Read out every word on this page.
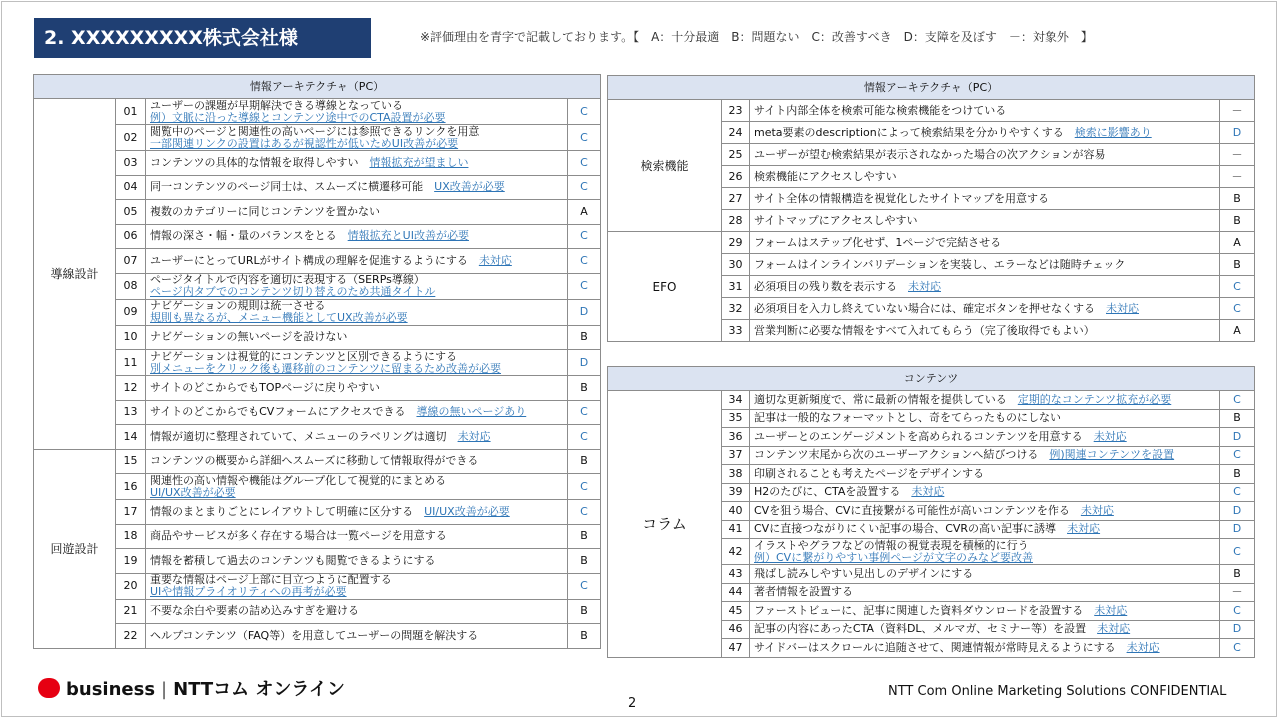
2. XXXXXXXXX株式会社様	※評価理由を青字で記載しております。【　A：十分最適　B：問題ない　C：改善すべき　D：支障を及ぼす　－：対象外　】
情報アーキテクチャ（PC）			
導線設計	01	ユーザーの課題が早期解決できる導線となっている
例）文脈に沿った導線とコンテンツ途中でのCTA設置が必要	C
	02	閲覧中のページと関連性の高いページには参照できるリンクを用意
一部関連リンクの設置はあるが視認性が低いためUI改善が必要	C
	03	コンテンツの具体的な情報を取得しやすい　 情報拡充が望ましい	C
	04	同一コンテンツのページ同士は、スムーズに横遷移可能　 UX改善が必要	C
	05	複数のカテゴリーに同じコンテンツを置かない	A
	06	情報の深さ・幅・量のバランスをとる　 情報拡充とUI改善が必要	C
	07	ユーザーにとってURLがサイト構成の理解を促進するようにする　 未対応	C
	08	ページタイトルで内容を適切に表現する（SERPs導線）
ページ内タブでのコンテンツ切り替えのため共通タイトル	C
	09	ナビゲーションの規則は統一させる
規則も異なるが、メニュー機能としてUX改善が必要	D
	10	ナビゲーションの無いページを設けない	B
	11	ナビゲーションは視覚的にコンテンツと区別できるようにする
別メニューをクリック後も遷移前のコンテンツに留まるため改善が必要	D
	12	サイトのどこからでもTOPページに戻りやすい	B
	13	サイトのどこからでもCVフォームにアクセスできる　 導線の無いページあり	C
	14	情報が適切に整理されていて、メニューのラベリングは適切　 未対応	C
回遊設計	15	コンテンツの概要から詳細へスムーズに移動して情報取得ができる	B
	16	関連性の高い情報や機能はグループ化して視覚的にまとめる
UI/UX改善が必要	C
	17	情報のまとまりごとにレイアウトして明確に区分する　 UI/UX改善が必要	C
	18	商品やサービスが多く存在する場合は一覧ページを用意する	B
	19	情報を蓄積して過去のコンテンツも閲覧できるようにする	B
	20	重要な情報はページ上部に目立つように配置する
UIや情報プライオリティへの再考が必要	C
	21	不要な余白や要素の詰め込みすぎを避ける	B
	22	ヘルプコンテンツ（FAQ等）を用意してユーザーの問題を解決する	B
情報アーキテクチャ（PC）			
検索機能	23	サイト内部全体を検索可能な検索機能をつけている	－
	24	meta要素のdescriptionによって検索結果を分かりやすくする　 検索に影響あり	D
	25	ユーザーが望む検索結果が表示されなかった場合の次アクションが容易	－
	26	検索機能にアクセスしやすい	－
	27	サイト全体の情報構造を視覚化したサイトマップを用意する	B
	28	サイトマップにアクセスしやすい	B
EFO	29	フォームはステップ化せず、1ページで完結させる	A
	30	フォームはインラインバリデーションを実装し、エラーなどは随時チェック	B
	31	必須項目の残り数を表示する　 未対応	C
	32	必須項目を入力し終えていない場合には、確定ボタンを押せなくする　 未対応	C
	33	営業判断に必要な情報をすべて入れてもらう（完了後取得でもよい）	A
コンテンツ			
コラム	34	適切な更新頻度で、常に最新の情報を提供している　 定期的なコンテンツ拡充が必要	C
	35	記事は一般的なフォーマットとし、奇をてらったものにしない	B
	36	ユーザーとのエンゲージメントを高められるコンテンツを用意する　 未対応	D
	37	コンテンツ末尾から次のユーザーアクションへ結びつける　 例)関連コンテンツを設置	C
	38	印刷されることも考えたページをデザインする	B
	39	H2のたびに、CTAを設置する　 未対応	C
	40	CVを狙う場合、CVに直接繋がる可能性が高いコンテンツを作る　 未対応	D
	41	CVに直接つながりにくい記事の場合、CVRの高い記事に誘導　 未対応	D
	42	イラストやグラフなどの情報の視覚表現を積極的に行う
例）CVに繋がりやすい事例ページが文字のみなど要改善	C
	43	飛ばし読みしやすい見出しのデザインにする	B
	44	著者情報を設置する	－
	45	ファーストビューに、記事に関連した資料ダウンロードを設置する　 未対応	C
	46	記事の内容にあったCTA（資料DL、メルマガ、セミナー等）を設置　 未対応	D
	47	サイドバーはスクロールに追随させて、関連情報が常時見えるようにする　 未対応	C
business | NTTコム オンライン
2
NTT Com Online Marketing Solutions CONFIDENTIAL
